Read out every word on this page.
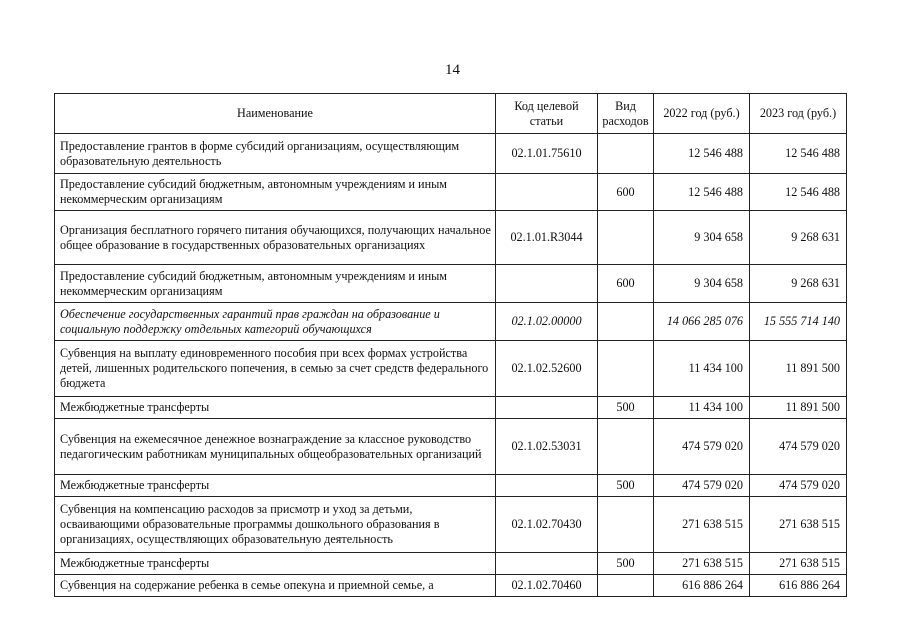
14
Наименование	Код целевой статьи	Вид расходов	2022 год (руб.)	2023 год (руб.)
Предоставление грантов в форме субсидий организациям, осуществляющим образовательную деятельность	02.1.01.75610		12 546 488	12 546 488
Предоставление субсидий бюджетным, автономным учреждениям и иным некоммерческим организациям		600	12 546 488	12 546 488
Организация бесплатного горячего питания обучающихся, получающих начальное общее образование в государственных образовательных организациях	02.1.01.R3044		9 304 658	9 268 631
Предоставление субсидий бюджетным, автономным учреждениям и иным некоммерческим организациям		600	9 304 658	9 268 631
Обеспечение государственных гарантий прав граждан на образование и социальную поддержку отдельных категорий обучающихся	02.1.02.00000		14 066 285 076	15 555 714 140
Субвенция на выплату единовременного пособия при всех формах устройства детей, лишенных родительского попечения, в семью за счет средств федерального бюджета	02.1.02.52600		11 434 100	11 891 500
Межбюджетные трансферты		500	11 434 100	11 891 500
Субвенция на ежемесячное денежное вознаграждение за классное руководство педагогическим работникам муниципальных общеобразовательных организаций	02.1.02.53031		474 579 020	474 579 020
Межбюджетные трансферты		500	474 579 020	474 579 020
Субвенция на компенсацию расходов за присмотр и уход за детьми, осваивающими образовательные программы дошкольного образования в организациях, осуществляющих образовательную деятельность	02.1.02.70430		271 638 515	271 638 515
Межбюджетные трансферты		500	271 638 515	271 638 515
Субвенция на содержание ребенка в семье опекуна и приемной семье, а	02.1.02.70460		616 886 264	616 886 264
